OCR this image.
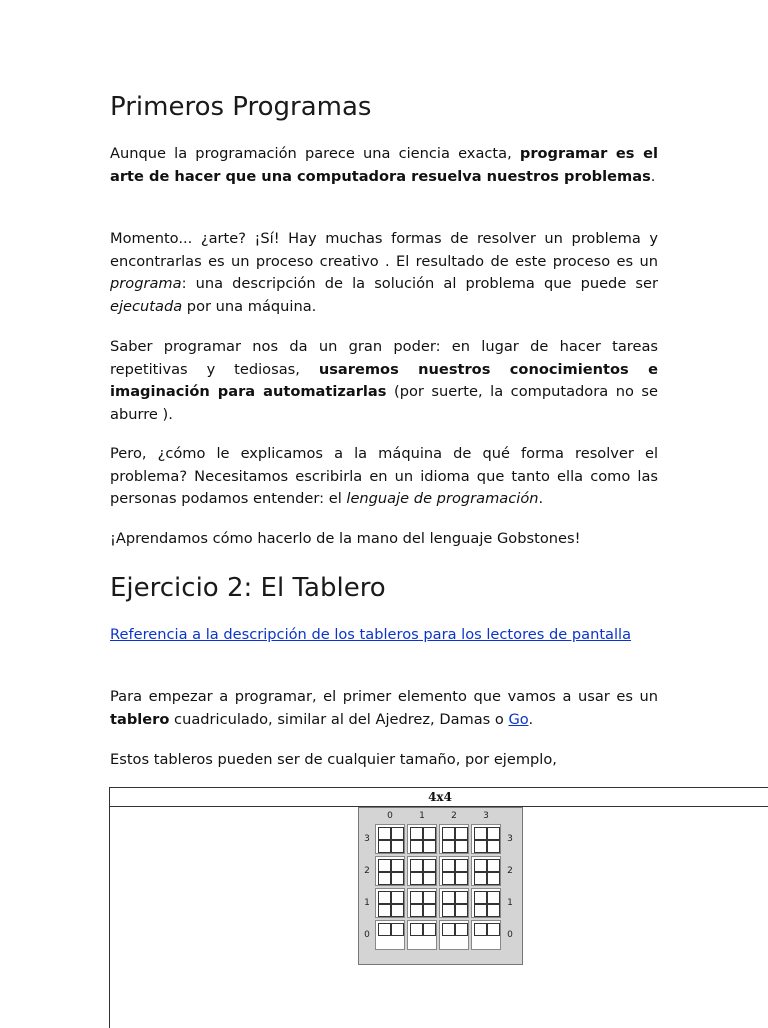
Primeros Programas

Aunque la programación parece una ciencia exacta, programar es el arte de hacer que una computadora resuelva nuestros problemas.

Momento... ¿arte? ¡Sí! Hay muchas formas de resolver un problema y encontrarlas es un proceso creativo . El resultado de este proceso es un programa: una descripción de la solución al problema que puede ser ejecutada por una máquina.

Saber programar nos da un gran poder: en lugar de hacer tareas repetitivas y tediosas, usaremos nuestros conocimientos e imaginación para automatizarlas (por suerte, la computadora no se aburre ).

Pero, ¿cómo le explicamos a la máquina de qué forma resolver el problema? Necesitamos escribirla en un idioma que tanto ella como las personas podamos entender: el lenguaje de programación.

¡Aprendamos cómo hacerlo de la mano del lenguaje Gobstones!

Ejercicio 2: El Tablero

Referencia a la descripción de los tableros para los lectores de pantalla

Para empezar a programar, el primer elemento que vamos a usar es un tablero cuadriculado, similar al del Ajedrez, Damas o Go.

Estos tableros pueden ser de cualquier tamaño, por ejemplo,

4x4
0	1	2	3
3	3
2	2
1	1
0	0
